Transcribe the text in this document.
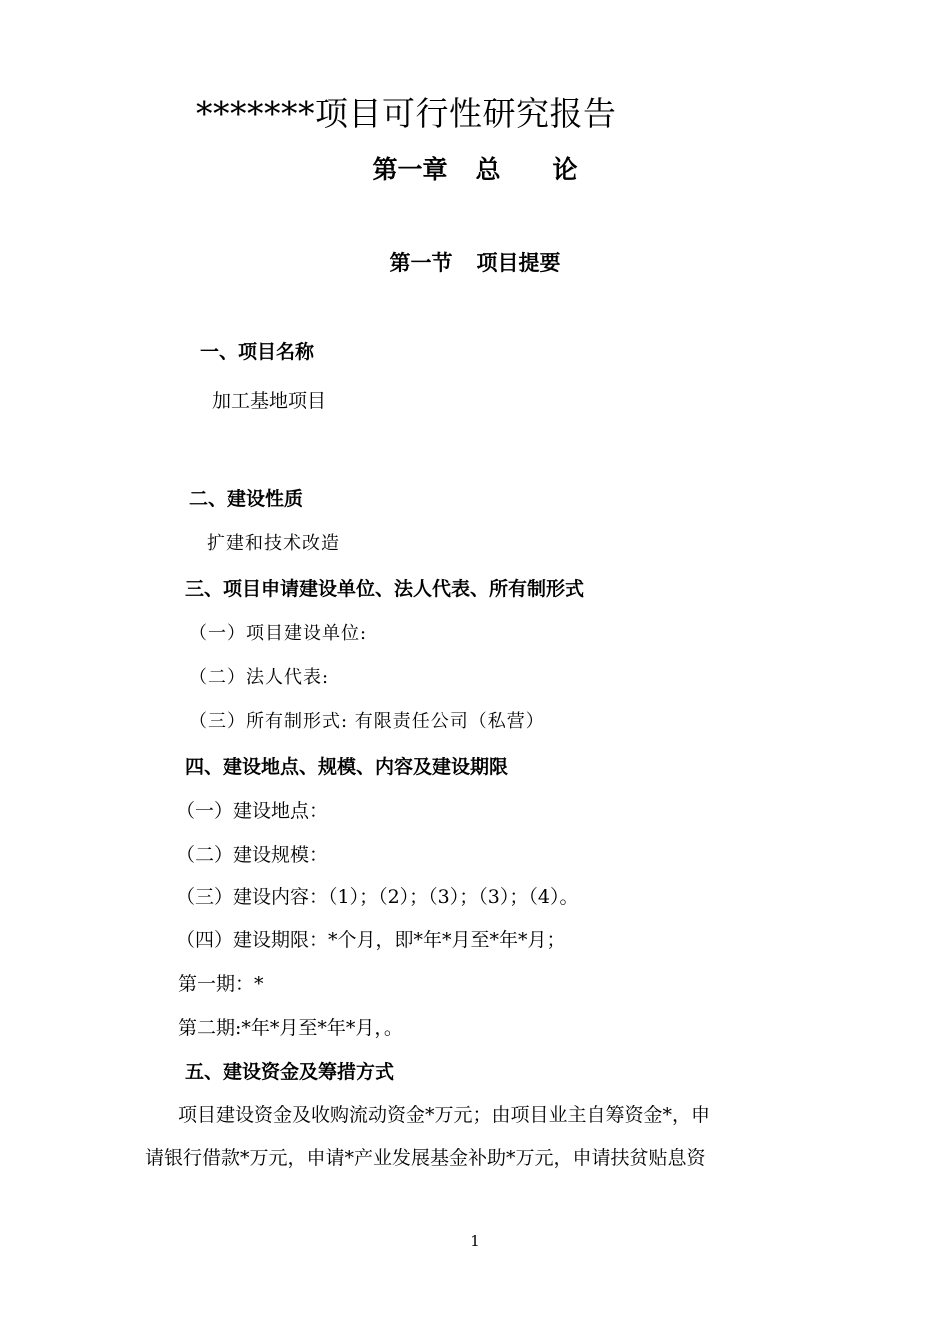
*******项目可行性研究报告
第一章 总 论
第一节 项目提要
一、项目名称
加工基地项目
二、建设性质
扩建和技术改造
三、项目申请建设单位、法人代表、所有制形式
（一）项目建设单位:
（二）法人代表:
（三）所有制形式: 有限责任公司（私营）
四、建设地点、规模、内容及建设期限
（一）建设地点：
（二）建设规模：
（三）建设内容：（1）；（2）；（3）；（3）；（4）。
（四）建设期限：*个月，即*年*月至*年*月；
第一期：*
第二期:*年*月至*年*月，。
五、建设资金及筹措方式
项目建设资金及收购流动资金*万元；由项目业主自筹资金*，申
请银行借款*万元，申请*产业发展基金补助*万元，申请扶贫贴息资
1
